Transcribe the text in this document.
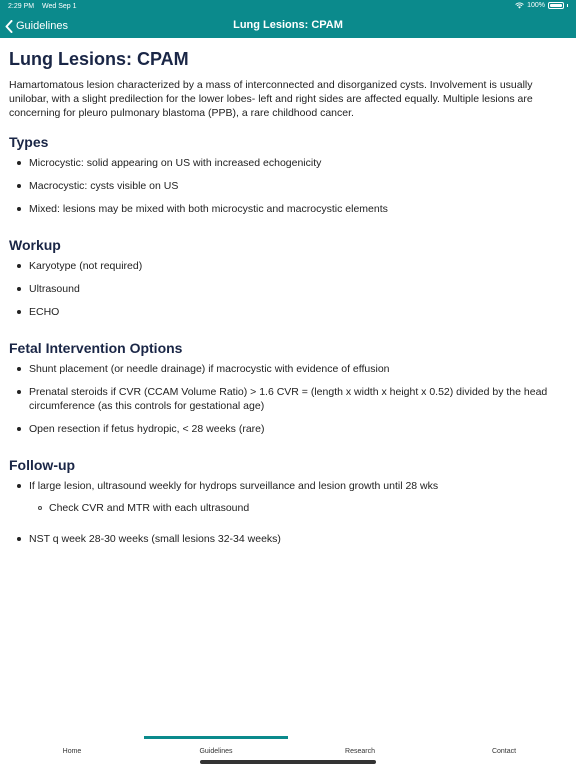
2:29 PM Wed Sep 1	100%
Guidelines	Lung Lesions: CPAM
Lung Lesions: CPAM

Hamartomatous lesion characterized by a mass of interconnected and disorganized cysts. Involvement is usually unilobar, with a slight predilection for the lower lobes- left and right sides are affected equally. Multiple lesions are concerning for pleuro pulmonary blastoma (PPB), a rare childhood cancer.

Types
Microcystic: solid appearing on US with increased echogenicity
Macrocystic: cysts visible on US
Mixed: lesions may be mixed with both microcystic and macrocystic elements
Workup
Karyotype (not required)
Ultrasound
ECHO
Fetal Intervention Options
Shunt placement (or needle drainage) if macrocystic with evidence of effusion
Prenatal steroids if CVR (CCAM Volume Ratio) > 1.6 CVR = (length x width x height x 0.52) divided by the head circumference (as this controls for gestational age)
Open resection if fetus hydropic, < 28 weeks (rare)
Follow-up
If large lesion, ultrasound weekly for hydrops surveillance and lesion growth until 28 wks
Check CVR and MTR with each ultrasound
NST q week 28-30 weeks (small lesions 32-34 weeks)
Home	Guidelines	Research	Contact
